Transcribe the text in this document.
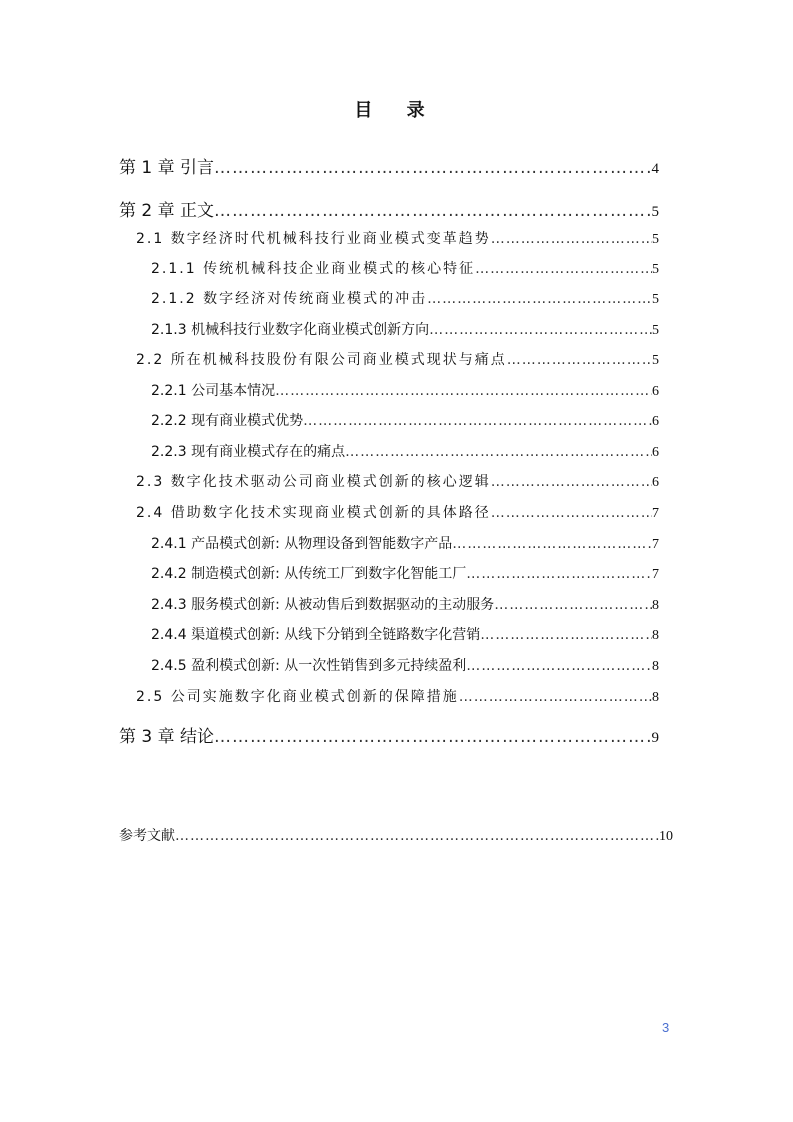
目 录
第 1 章 引言 …………………………………………………………………………………………………………………………………………………………	4
第 2 章 正文 …………………………………………………………………………………………………………………………………………………………	5
2.1 数字经济时代机械科技行业商业模式变革趋势 …………………………………………………………………………………………………………………………………………………………	5
2.1.1 传统机械科技企业商业模式的核心特征 …………………………………………………………………………………………………………………………………………………………	5
2.1.2 数字经济对传统商业模式的冲击 …………………………………………………………………………………………………………………………………………………………	5
2.1.3 机械科技行业数字化商业模式创新方向 …………………………………………………………………………………………………………………………………………………………	5
2.2 所在机械科技股份有限公司商业模式现状与痛点 …………………………………………………………………………………………………………………………………………………………	5
2.2.1 公司基本情况 …………………………………………………………………………………………………………………………………………………………	6
2.2.2 现有商业模式优势 …………………………………………………………………………………………………………………………………………………………	6
2.2.3 现有商业模式存在的痛点 …………………………………………………………………………………………………………………………………………………………	6
2.3 数字化技术驱动公司商业模式创新的核心逻辑 …………………………………………………………………………………………………………………………………………………………	6
2.4 借助数字化技术实现商业模式创新的具体路径 …………………………………………………………………………………………………………………………………………………………	7
2.4.1 产品模式创新: 从物理设备到智能数字产品 …………………………………………………………………………………………………………………………………………………………	7
2.4.2 制造模式创新: 从传统工厂到数字化智能工厂 …………………………………………………………………………………………………………………………………………………………	7
2.4.3 服务模式创新: 从被动售后到数据驱动的主动服务 …………………………………………………………………………………………………………………………………………………………	8
2.4.4 渠道模式创新: 从线下分销到全链路数字化营销 …………………………………………………………………………………………………………………………………………………………	8
2.4.5 盈利模式创新: 从一次性销售到多元持续盈利 …………………………………………………………………………………………………………………………………………………………	8
2.5 公司实施数字化商业模式创新的保障措施 …………………………………………………………………………………………………………………………………………………………	8
第 3 章 结论 …………………………………………………………………………………………………………………………………………………………	9
参考文献 …………………………………………………………………………………………………………………………………………………………	10
3
